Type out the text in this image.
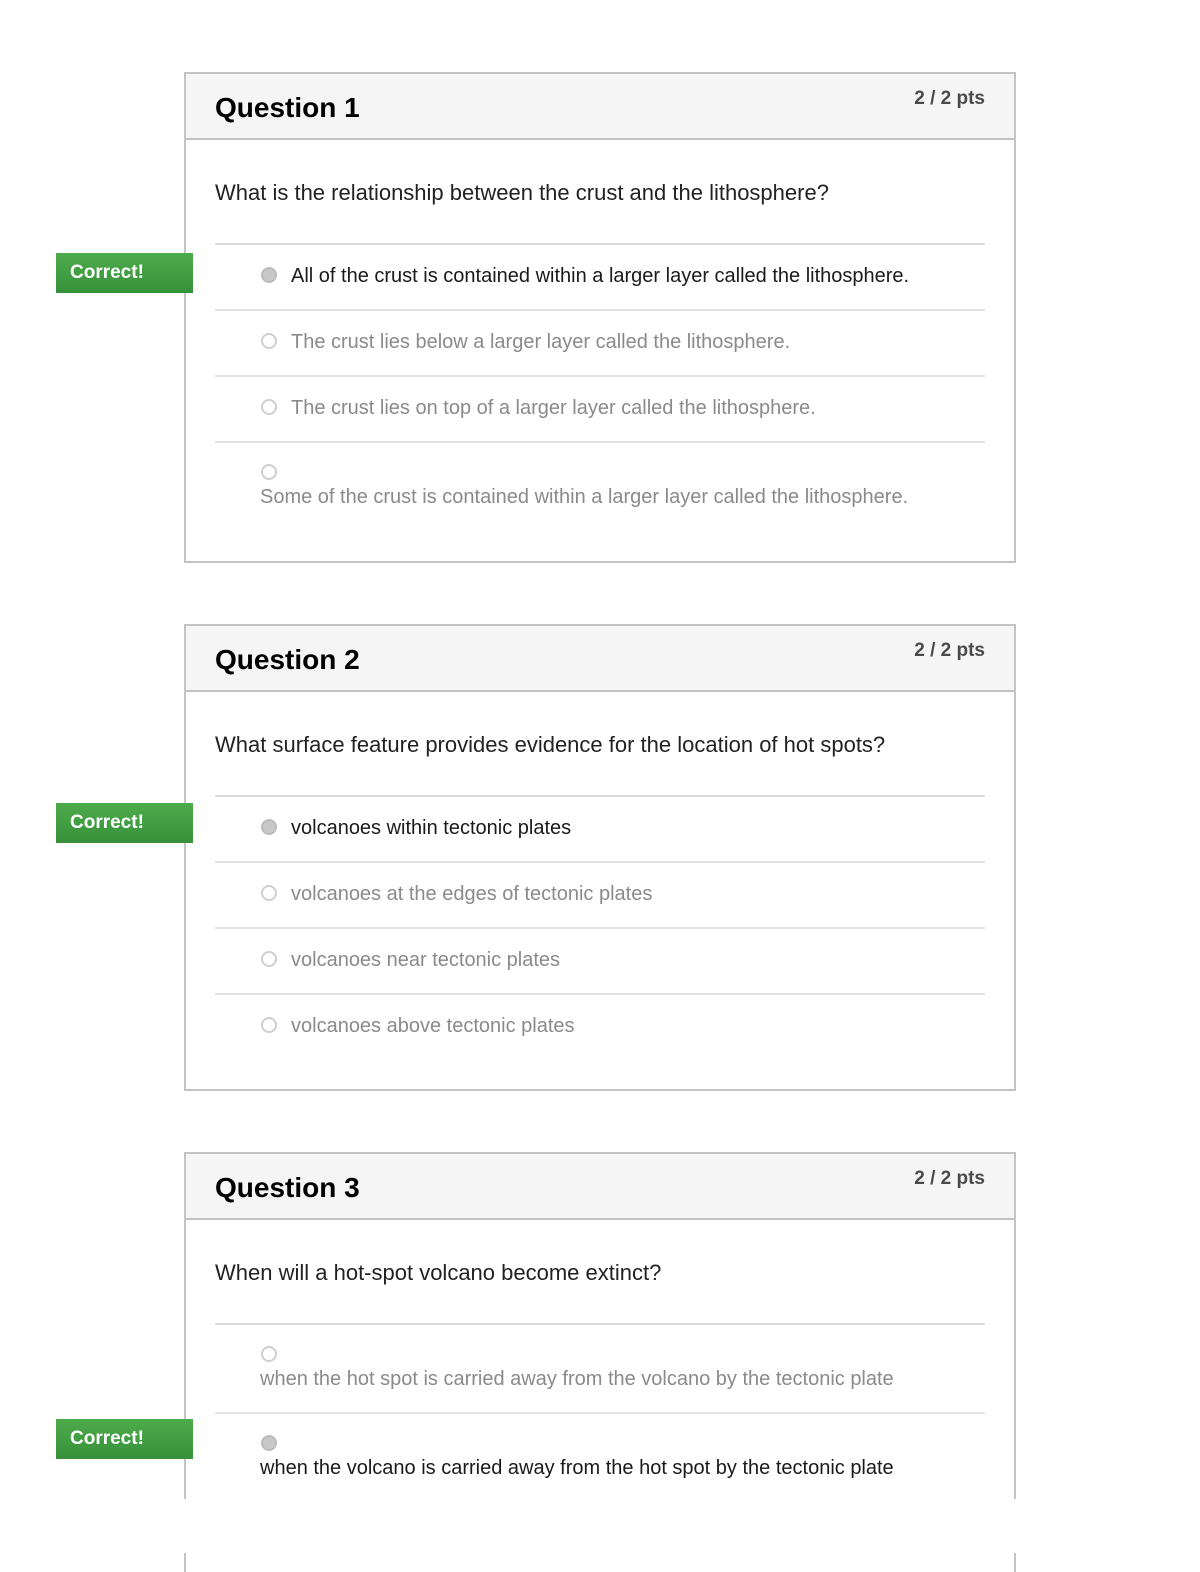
Question 1	2 / 2 pts
What is the relationship between the crust and the lithosphere?
All of the crust is contained within a larger layer called the lithosphere.
The crust lies below a larger layer called the lithosphere.
The crust lies on top of a larger layer called the lithosphere.
Some of the crust is contained within a larger layer called the lithosphere.
Correct!
Question 2	2 / 2 pts
What surface feature provides evidence for the location of hot spots?
volcanoes within tectonic plates
volcanoes at the edges of tectonic plates
volcanoes near tectonic plates
volcanoes above tectonic plates
Correct!
Question 3	2 / 2 pts
When will a hot-spot volcano become extinct?
when the hot spot is carried away from the volcano by the tectonic plate
when the volcano is carried away from the hot spot by the tectonic plate
Correct!
